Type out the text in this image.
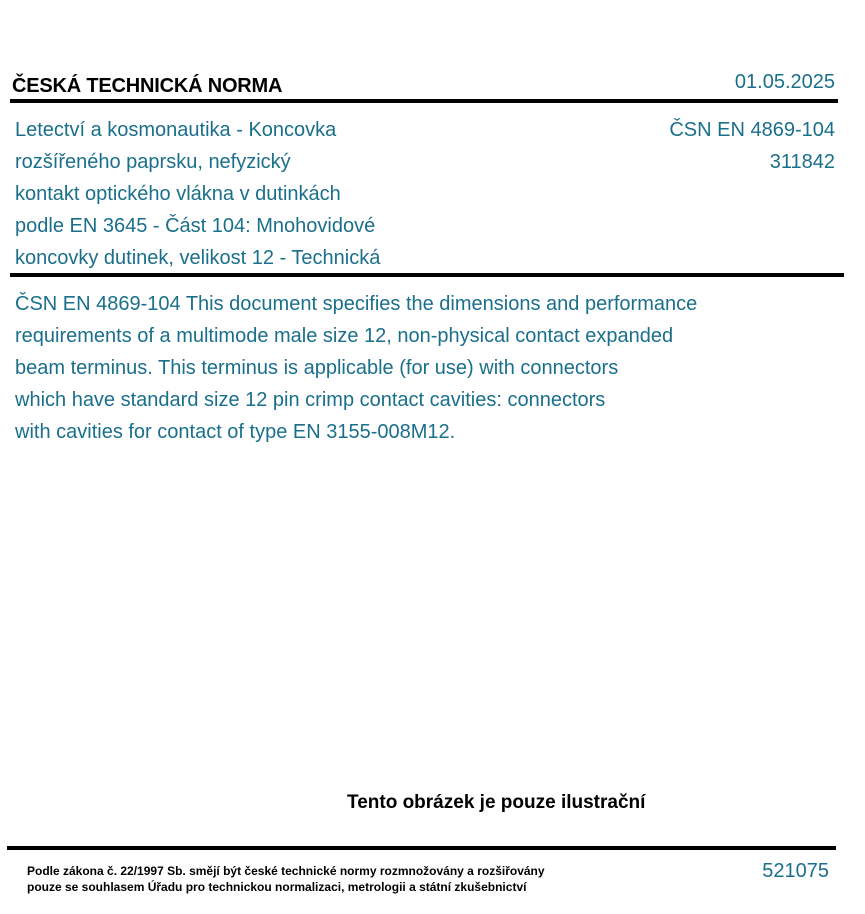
ČESKÁ TECHNICKÁ NORMA	01.05.2025
Letectví a kosmonautika - Koncovka
rozšířeného paprsku, nefyzický
kontakt optického vlákna v dutinkách
podle EN 3645 - Část 104: Mnohovidové
koncovky dutinek, velikost 12 - Technická
ČSN EN 4869-104
311842
ČSN EN 4869-104 This document specifies the dimensions and performance
requirements of a multimode male size 12, non-physical contact expanded
beam terminus. This terminus is applicable (for use) with connectors
which have standard size 12 pin crimp contact cavities: connectors
with cavities for contact of type EN 3155-008M12.
Tento obrázek je pouze ilustrační
Podle zákona č. 22/1997 Sb. smějí být české technické normy rozmnožovány a rozšiřovány
pouze se souhlasem Úřadu pro technickou normalizaci, metrologii a státní zkušebnictví
521075
